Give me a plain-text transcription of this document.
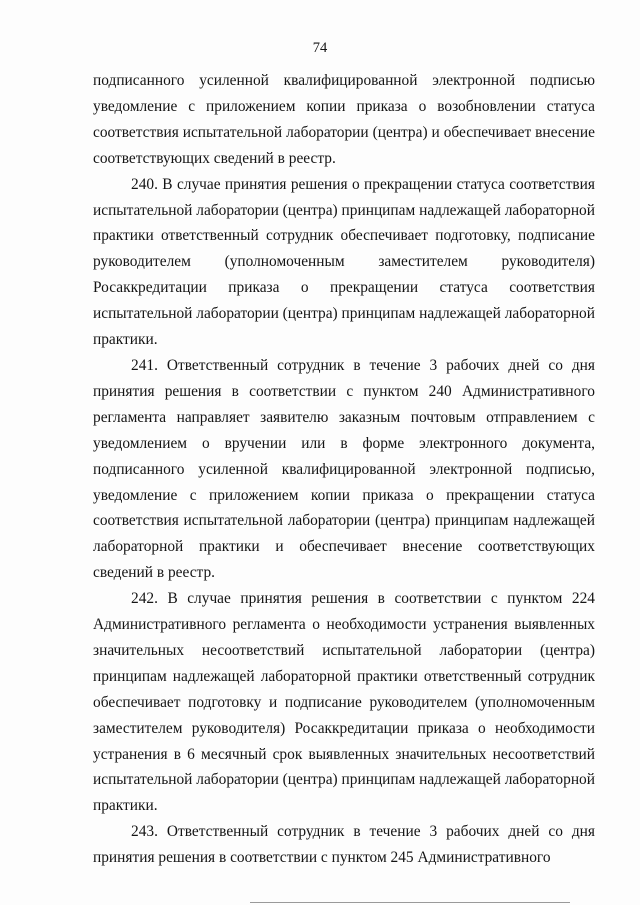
74

подписанного усиленной квалифицированной электронной подписью уведомление с приложением копии приказа о возобновлении статуса соответствия испытательной лаборатории (центра) и обеспечивает внесение соответствующих сведений в реестр.

240. В случае принятия решения о прекращении статуса соответствия испытательной лаборатории (центра) принципам надлежащей лабораторной практики ответственный сотрудник обеспечивает подготовку, подписание руководителем (уполномоченным заместителем руководителя) Росаккредитации приказа о прекращении статуса соответствия испытательной лаборатории (центра) принципам надлежащей лабораторной практики.

241. Ответственный сотрудник в течение 3 рабочих дней со дня принятия решения в соответствии с пунктом 240 Административного регламента направляет заявителю заказным почтовым отправлением с уведомлением о вручении или в форме электронного документа, подписанного усиленной квалифицированной электронной подписью, уведомление с приложением копии приказа о прекращении статуса соответствия испытательной лаборатории (центра) принципам надлежащей лабораторной практики и обеспечивает внесение соответствующих сведений в реестр.

242. В случае принятия решения в соответствии с пунктом 224 Административного регламента о необходимости устранения выявленных значительных несоответствий испытательной лаборатории (центра) принципам надлежащей лабораторной практики ответственный сотрудник обеспечивает подготовку и подписание руководителем (уполномоченным заместителем руководителя) Росаккредитации приказа о необходимости устранения в 6 месячный срок выявленных значительных несоответствий испытательной лаборатории (центра) принципам надлежащей лабораторной практики.

243. Ответственный сотрудник в течение 3 рабочих дней со дня принятия решения в соответствии с пунктом 245 Административного
